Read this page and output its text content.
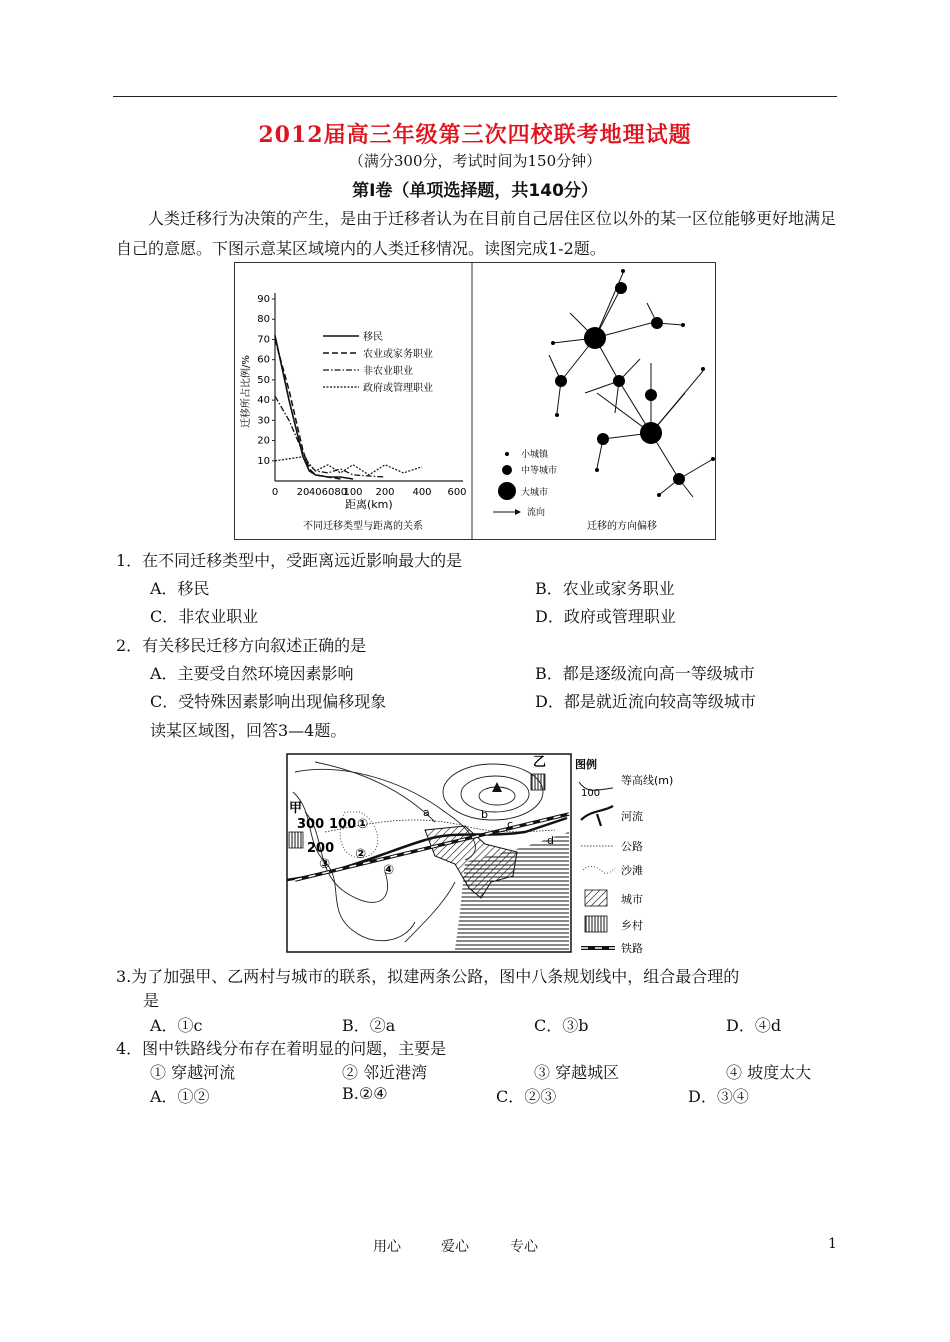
2012届高三年级第三次四校联考地理试题
（满分300分，考试时间为150分钟）
第Ⅰ卷（单项选择题，共140分）
人类迁移行为决策的产生，是由于迁移者认为在目前自己居住区位以外的某一区位能够更好地满足自己的意愿。下图示意某区域境内的人类迁移情况。读图完成1-2题。
90
80
70
60
50
40
30
20
10
0 20 406080
100 200 400 600
迁移所占比例/%
距离(km)
移民
农业或家务职业
非农业职业
政府或管理职业
不同迁移类型与距离的关系
小城镇
中等城市
大城市
流向
迁移的方向偏移
1．在不同迁移类型中，受距离远近影响最大的是
A．移民	B．农业或家务职业
C．非农业职业	D．政府或管理职业
2．有关移民迁移方向叙述正确的是
A．主要受自然环境因素影响	B．都是逐级流向高一等级城市
C．受特殊因素影响出现偏移现象	D．都是就近流向较高等级城市
读某区域图，回答3—4题。
乙
甲
300 100
200
①
②
③	④
a	b
c
d
图例
100
等高线(m)
河流
公路
沙滩
城市
乡村
铁路
3.为了加强甲、乙两村与城市的联系，拟建两条公路，图中八条规划线中，组合最合理的
是
A．①c	B．②a	C．③b	D．④d
4．图中铁路线分布存在着明显的问题，主要是
① 穿越河流	② 邻近港湾	③ 穿越城区	④ 坡度太大
A．①②	B.②④	C．②③	D．③④
用心	爱心	专心	1
